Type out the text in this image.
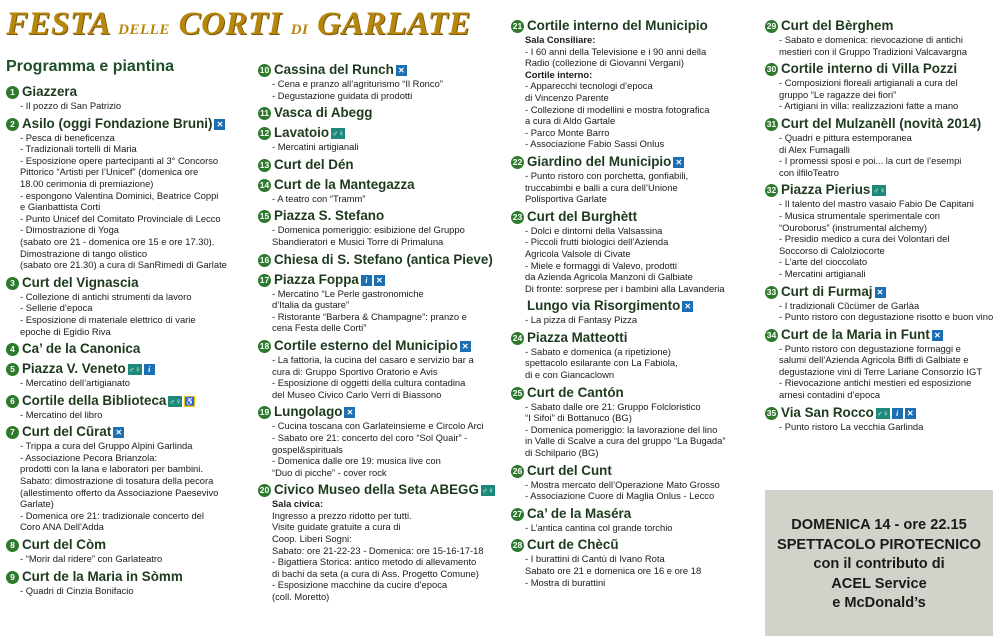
FESTA DELLE CORTI DI GARLATE
Programma e piantina
1 Giazzera
- Il pozzo di San Patrizio
2 Asilo (oggi Fondazione Bruni) ✕
- Pesca di beneficenza
- Tradizionali tortelli di Maria
- Esposizione opere partecipanti al 3° Concorso
Pittorico “Artisti per l’Unicef” (domenica ore
18.00 cerimonia di premiazione)
- espongono Valentina Dominici, Beatrice Coppi
e Gianbattista Corti
- Punto Unicef del Comitato Provinciale di Lecco
- Dimostrazione di Yoga
(sabato ore 21 - domenica ore 15 e ore 17.30).
Dimostrazione di tango olistico
(sabato ore 21.30) a cura di SanRimedi di Garlate
3 Curt del Vignascia
- Collezione di antichi strumenti da lavoro
- Sellerie d’epoca
- Esposizione di materiale elettrico di varie
epoche di Egidio Riva
4 Ca’ de la Canonica
5 Piazza V. Veneto ♂♀ i
- Mercatino dell’artigianato
6 Cortile della Biblioteca ♂♀ ♿
- Mercatino del libro
7 Curt del Cũrat ✕
- Trippa a cura del Gruppo Alpini Garlinda
- Associazione Pecora Brianzola:
prodotti con la lana e laboratori per bambini.
Sabato: dimostrazione di tosatura della pecora
(allestimento offerto da Associazione Paesevivo
Garlate)
- Domenica ore 21: tradizionale concerto del
Coro ANA Dell’Adda
8 Curt del Còm
- “Morir dal ridere” con Garlateatro
9 Curt de la Maria in Sòmm
- Quadri di Cinzia Bonifacio
10 Cassina del Runch ✕
- Cena e pranzo all’agriturismo “Il Ronco”
- Degustazione guidata di prodotti
11 Vasca di Abegg
12 Lavatoio ♂♀
- Mercatini artigianali
13 Curt del Dén
14 Curt de la Mantegazza
- A teatro con “Tramm”
15 Piazza S. Stefano
- Domenica pomeriggio: esibizione del Gruppo
Sbandieratori e Musici Torre di Primaluna
16 Chiesa di S. Stefano (antica Pieve)
17 Piazza Foppa i ✕
- Mercatino “Le Perle gastronomiche
d’Italia da gustare”
- Ristorante “Barbera & Champagne”: pranzo e
cena Festa delle Corti”
18 Cortile esterno del Municipio ✕
- La fattoria, la cucina del casaro e servizio bar a
cura di: Gruppo Sportivo Oratorio e Avis
- Esposizione di oggetti della cultura contadina
del Museo Civico Carlo Verri di Biassono
19 Lungolago ✕
- Cucina toscana con Garlateinsieme e Circolo Arci
- Sabato ore 21: concerto del coro “Sol Quair” -
gospel&spirituals
- Domenica dalle ore 19: musica live con
“Duo di picche” - cover rock
20 Civico Museo della Seta ABEGG ♂♀
Sala civica:
Ingresso a prezzo ridotto per tutti.
Visite guidate gratuite a cura di
Coop. Liberi Sogni:
Sabato: ore 21-22-23 - Domenica: ore 15-16-17-18
- Bigattiera Storica: antico metodo di allevamento
di bachi da seta (a cura di Ass. Progetto Comune)
- Esposizione macchine da cucire d’epoca
(coll. Moretto)
21 Cortile interno del Municipio
Sala Consiliare:
- I 60 anni della Televisione e i 90 anni della
Radio (collezione di Giovanni Vergani)
Cortile interno:
- Apparecchi tecnologi d’epoca
di Vincenzo Parente
- Collezione di modellini e mostra fotografica
a cura di Aldo Gartale
- Parco Monte Barro
- Associazione Fabio Sassi Onlus
22 Giardino del Municipio ✕
- Punto ristoro con porchetta, gonfiabili,
truccabimbi e balli a cura dell’Unione
Polisportiva Garlate
23 Curt del Burghètt
- Dolci e dintorni della Valsassina
- Piccoli frutti biologici dell’Azienda
Agricola Valsole di Civate
- Miele e formaggi di Valevo, prodotti
da Azienda Agricola Manzoni di Galbiate
Di fronte: sorprese per i bambini alla Lavanderia
Lungo via Risorgimento ✕
- La pizza di Fantasy Pizza
24 Piazza Matteotti
- Sabato e domenica (a ripetizione)
spettacolo esilarante con La Fabiola,
di e con Giancaclown
25 Curt de Cantón
- Sabato dalle ore 21: Gruppo Folcloristico
“I Sifoi” di Bottanuco (BG)
- Domenica pomeriggio: la lavorazione del lino
in Valle di Scalve a cura del gruppo “La Bugada”
di Schilpario (BG)
26 Curt del Cunt
- Mostra mercato dell’Operazione Mato Grosso
- Associazione Cuore di Maglia Onlus - Lecco
27 Ca’ de la Maséra
- L’antica cantina col grande torchio
28 Curt de Chècũ
- I burattini di Cantù di Ivano Rota
Sabato ore 21 e domenica ore 16 e ore 18
- Mostra di burattini
29 Curt del Bèrghem
- Sabato e domenica: rievocazione di antichi
mestieri con il Gruppo Tradizioni Valcavargna
30 Cortile interno di Villa Pozzi
- Composizioni floreali artigianali a cura del
gruppo “Le ragazze dei fiori”
- Artigiani in villa: realizzazioni fatte a mano
31 Curt del Mulzanèll (novità 2014)
- Quadri e pittura estemporanea
di Alex Fumagalli
- I promessi sposi e poi... la curt de l’esempi
con ilfiloTeatro
32 Piazza Pierius ♂♀
- Il talento del mastro vasaio Fabio De Capitani
- Musica strumentale sperimentale con
“Ouroborus” (instrumental alchemy)
- Presidio medico a cura dei Volontari del
Soccorso di Calolziocorte
- L’arte del cioccolato
- Mercatini artigianali
33 Curt di Furmaj ✕
- I tradizionali Cũcümer de Garlàa
- Punto ristoro con degustazione risotto e buon vino
34 Curt de la Maria in Funt ✕
- Punto ristoro con degustazione formaggi e
salumi dell’Azienda Agricola Biffi di Galbiate e
degustazione vini di Terre Lariane Consorzio IGT
- Rievocazione antichi mestieri ed esposizione
arnesi contadini d’epoca
35 Via San Rocco ♂♀ i ✕
- Punto ristoro La vecchia Garlinda
DOMENICA 14 - ore 22.15
SPETTACOLO PIROTECNICO
con il contributo di
ACEL Service
e McDonald’s
